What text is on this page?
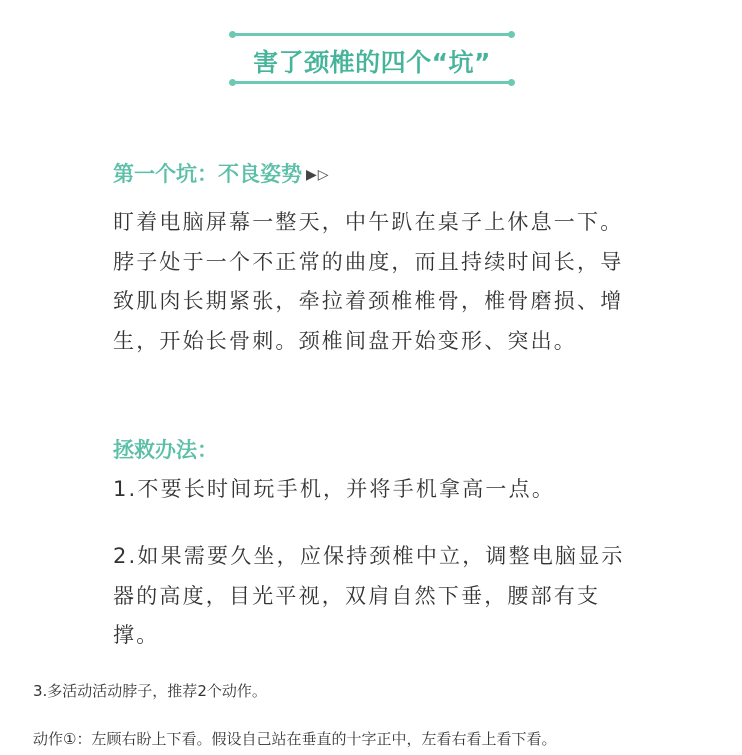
害了颈椎的四个“坑”
第一个坑：不良姿势 ▶▷
盯着电脑屏幕一整天，中午趴在桌子上休息一下。脖子处于一个不正常的曲度，而且持续时间长，导致肌肉长期紧张，牵拉着颈椎椎骨，椎骨磨损、增生，开始长骨刺。颈椎间盘开始变形、突出。
拯救办法：
1.不要长时间玩手机，并将手机拿高一点。
2.如果需要久坐，应保持颈椎中立，调整电脑显示器的高度，目光平视，双肩自然下垂，腰部有支撑。
3.多活动活动脖子，推荐2个动作。
动作①：左顾右盼上下看。假设自己站在垂直的十字正中，左看右看上看下看。
